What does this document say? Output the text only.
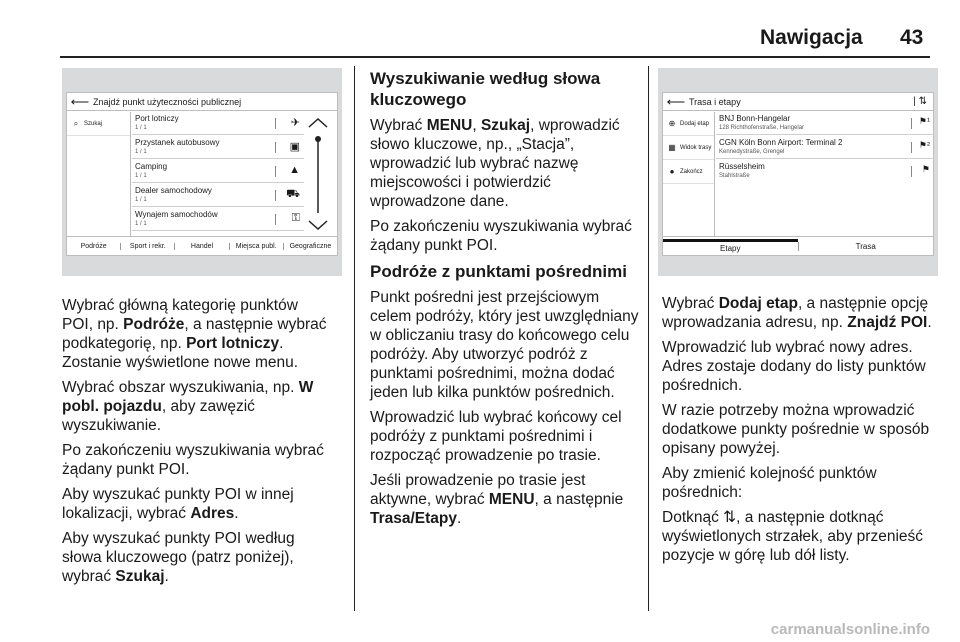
Nawigacja 43
⟵ Znajdź punkt użyteczności publicznej
⌕ Szukaj
Port lotniczy
1 / 1	✈
Przystanek autobusowy
1 / 1	▣
Camping
1 / 1	▲
Dealer samochodowy
1 / 1	⛟
Wynajem samochodów
1 / 1	⚿
Podróże	Sport i rekr.	Handel	Miejsca publ.	Geograficzne
⟵ Trasa i etapy	| ⇅
⊕ Dodaj etap
▦ Widok trasy
● Zakończ
BNJ Bonn-Hangelar
128 Richthofenstraße, Hangelar
⚑¹
CGN Köln Bonn Airport: Terminal 2
Kennedystraße, Grengel
⚑²
Rüsselsheim
Stahlstraße
⚑
Etapy	Trasa

Wybrać główną kategorię punktów POI, np. Podróże, a następnie wybrać podkategorię, np. Port lotniczy. Zostanie wyświetlone nowe menu.

Wybrać obszar wyszukiwania, np. W pobl. pojazdu, aby zawęzić wyszukiwanie.

Po zakończeniu wyszukiwania wybrać żądany punkt POI.

Aby wyszukać punkty POI w innej lokalizacji, wybrać Adres.

Aby wyszukać punkty POI według słowa kluczowego (patrz poniżej), wybrać Szukaj.

Wyszukiwanie według słowa kluczowego

Wybrać MENU, Szukaj, wprowadzić słowo kluczowe, np., „Stacja”, wprowadzić lub wybrać nazwę miejscowości i potwierdzić wprowadzone dane.

Po zakończeniu wyszukiwania wybrać żądany punkt POI.

Podróże z punktami pośrednimi

Punkt pośredni jest przejściowym celem podróży, który jest uwzględniany w obliczaniu trasy do końcowego celu podróży. Aby utworzyć podróż z punktami pośrednimi, można dodać jeden lub kilka punktów pośrednich.

Wprowadzić lub wybrać końcowy cel podróży z punktami pośrednimi i rozpocząć prowadzenie po trasie.

Jeśli prowadzenie po trasie jest aktywne, wybrać MENU, a następnie Trasa/Etapy.

Wybrać Dodaj etap, a następnie opcję wprowadzania adresu, np. Znajdź POI.

Wprowadzić lub wybrać nowy adres. Adres zostaje dodany do listy punktów pośrednich.

W razie potrzeby można wprowadzić dodatkowe punkty pośrednie w sposób opisany powyżej.

Aby zmienić kolejność punktów pośrednich:

Dotknąć ⇅, a następnie dotknąć wyświetlonych strzałek, aby przenieść pozycje w górę lub dół listy.

carmanualsonline.info
